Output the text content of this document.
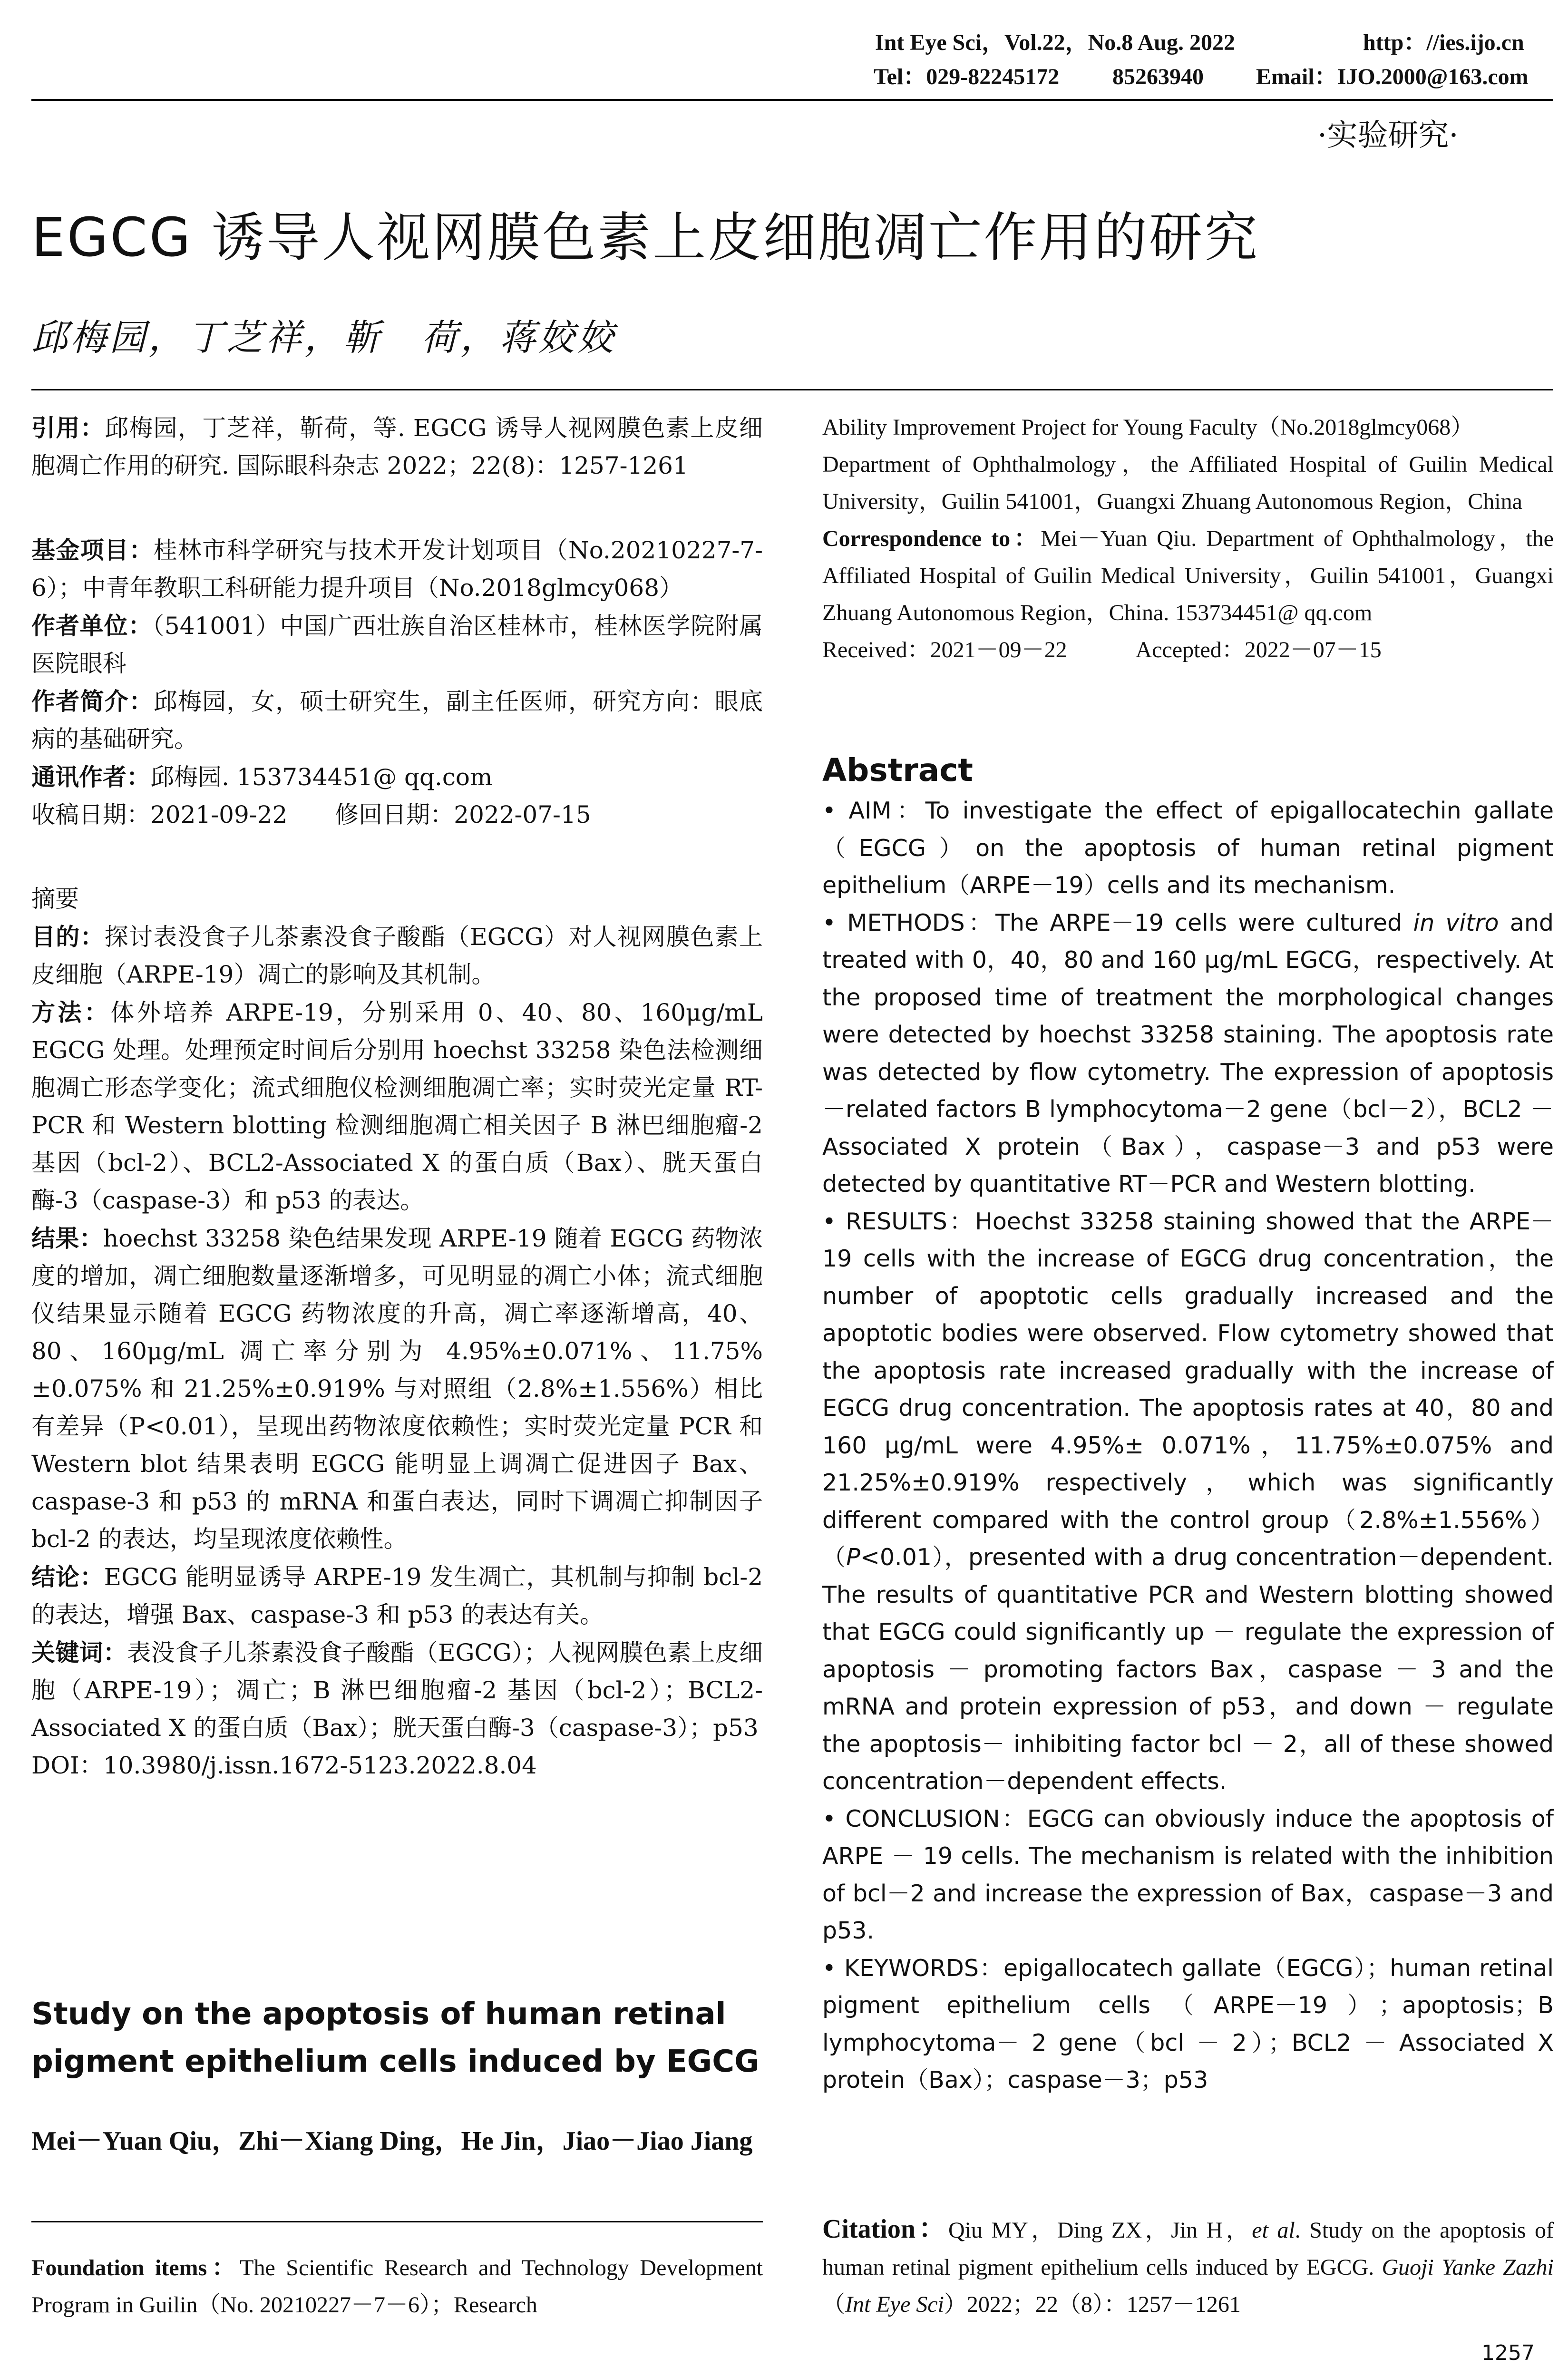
Int Eye Sci，Vol.22，No.8 Aug. 2022	http：//ies.ijo.cn
Tel：029-82245172 85263940 Email：IJO.2000@163.com
·实验研究·
EGCG 诱导人视网膜色素上皮细胞凋亡作用的研究
邱梅园，丁芝祥，靳　荷，蒋姣姣

引用：邱梅园，丁芝祥，靳荷，等. EGCG 诱导人视网膜色素上皮细胞凋亡作用的研究. 国际眼科杂志 2022；22(8)：1257-1261

基金项目：桂林市科学研究与技术开发计划项目（No.20210227-7-6）；中青年教职工科研能力提升项目（No.2018glmcy068）

作者单位：（541001）中国广西壮族自治区桂林市，桂林医学院附属医院眼科

作者简介：邱梅园，女，硕士研究生，副主任医师，研究方向：眼底病的基础研究。

通讯作者：邱梅园. 153734451@ qq.com

收稿日期：2021-09-22　　修回日期：2022-07-15

摘要

目的：探讨表没食子儿茶素没食子酸酯（EGCG）对人视网膜色素上皮细胞（ARPE-19）凋亡的影响及其机制。

方法：体外培养 ARPE-19，分别采用 0、40、80、160μg/mL EGCG 处理。处理预定时间后分别用 hoechst 33258 染色法检测细胞凋亡形态学变化；流式细胞仪检测细胞凋亡率；实时荧光定量 RT-PCR 和 Western blotting 检测细胞凋亡相关因子 B 淋巴细胞瘤-2 基因（bcl-2）、BCL2-Associated X 的蛋白质（Bax）、胱天蛋白酶-3（caspase-3）和 p53 的表达。

结果：hoechst 33258 染色结果发现 ARPE-19 随着 EGCG 药物浓度的增加，凋亡细胞数量逐渐增多，可见明显的凋亡小体；流式细胞仪结果显示随着 EGCG 药物浓度的升高，凋亡率逐渐增高，40、80、160μg/mL 凋亡率分别为 4.95%±0.071%、11.75%±0.075% 和 21.25%±0.919% 与对照组（2.8%±1.556%）相比有差异（P<0.01），呈现出药物浓度依赖性；实时荧光定量 PCR 和 Western blot 结果表明 EGCG 能明显上调凋亡促进因子 Bax、caspase-3 和 p53 的 mRNA 和蛋白表达，同时下调凋亡抑制因子 bcl-2 的表达，均呈现浓度依赖性。

结论：EGCG 能明显诱导 ARPE-19 发生凋亡，其机制与抑制 bcl-2 的表达，增强 Bax、caspase-3 和 p53 的表达有关。

关键词：表没食子儿茶素没食子酸酯（EGCG）；人视网膜色素上皮细胞（ARPE-19）；凋亡；B 淋巴细胞瘤-2 基因（bcl-2）；BCL2-Associated X 的蛋白质（Bax）；胱天蛋白酶-3（caspase-3）；p53

DOI：10.3980/j.issn.1672-5123.2022.8.04

Study on the apoptosis of human retinal pigment epithelium cells induced by EGCG
Mei－Yuan Qiu，Zhi－Xiang Ding，He Jin，Jiao－Jiao Jiang

Foundation items：The Scientific Research and Technology Development Program in Guilin（No. 20210227－7－6）；Research

Ability Improvement Project for Young Faculty（No.2018glmcy068）

Department of Ophthalmology，the Affiliated Hospital of Guilin Medical University，Guilin 541001，Guangxi Zhuang Autonomous Region，China

Correspondence to：Mei－Yuan Qiu. Department of Ophthalmology，the Affiliated Hospital of Guilin Medical University，Guilin 541001，Guangxi Zhuang Autonomous Region，China. 153734451@ qq.com

Received：2021－09－22　　　Accepted：2022－07－15

Abstract

• AIM：To investigate the effect of epigallocatechin gallate（EGCG）on the apoptosis of human retinal pigment epithelium（ARPE－19）cells and its mechanism.

• METHODS：The ARPE－19 cells were cultured in vitro and treated with 0，40，80 and 160 μg/mL EGCG，respectively. At the proposed time of treatment the morphological changes were detected by hoechst 33258 staining. The apoptosis rate was detected by flow cytometry. The expression of apoptosis－related factors B lymphocytoma－2 gene（bcl－2），BCL2 － Associated X protein（Bax），caspase－3 and p53 were detected by quantitative RT－PCR and Western blotting.

• RESULTS：Hoechst 33258 staining showed that the ARPE－19 cells with the increase of EGCG drug concentration，the number of apoptotic cells gradually increased and the apoptotic bodies were observed. Flow cytometry showed that the apoptosis rate increased gradually with the increase of EGCG drug concentration. The apoptosis rates at 40，80 and 160 μg/mL were 4.95%± 0.071%，11.75%±0.075% and 21.25%±0.919% respectively，which was significantly different compared with the control group（2.8%±1.556%）（P<0.01），presented with a drug concentration－dependent. The results of quantitative PCR and Western blotting showed that EGCG could significantly up － regulate the expression of apoptosis － promoting factors Bax，caspase － 3 and the mRNA and protein expression of p53，and down － regulate the apoptosis－ inhibiting factor bcl － 2，all of these showed concentration－dependent effects.

• CONCLUSION：EGCG can obviously induce the apoptosis of ARPE － 19 cells. The mechanism is related with the inhibition of bcl－2 and increase the expression of Bax，caspase－3 and p53.

• KEYWORDS：epigallocatech gallate（EGCG）；human retinal pigment epithelium cells（ARPE－19）；apoptosis；B lymphocytoma－ 2 gene（bcl － 2）；BCL2 － Associated X protein（Bax）；caspase－3；p53

Citation：Qiu MY，Ding ZX，Jin H，et al. Study on the apoptosis of human retinal pigment epithelium cells induced by EGCG. Guoji Yanke Zazhi（Int Eye Sci）2022；22（8）：1257－1261

1257
